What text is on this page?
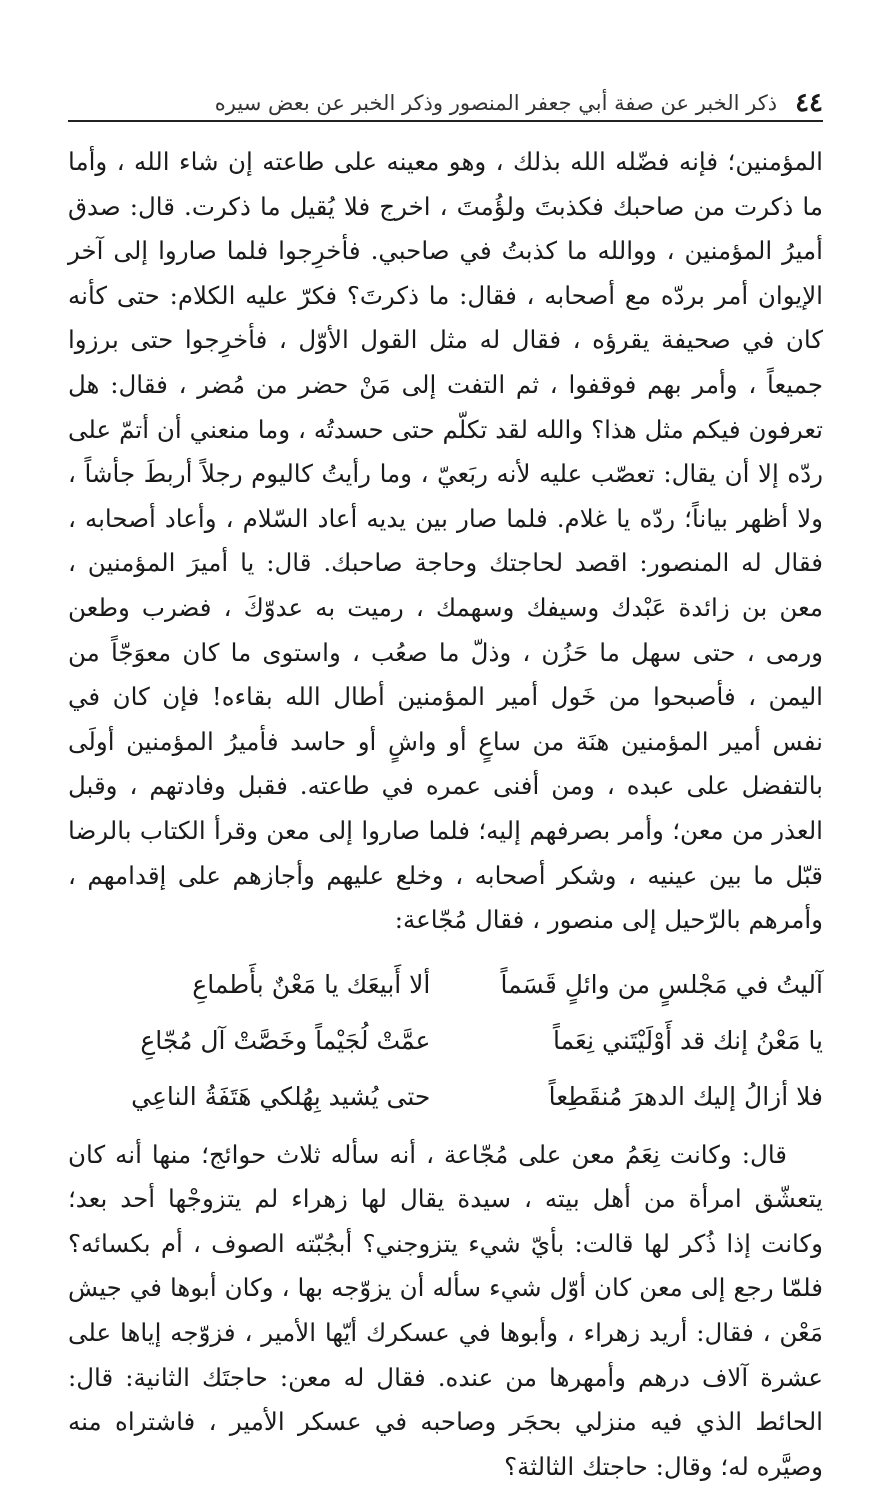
٤٤
ذكر الخبر عن صفة أبي جعفر المنصور وذكر الخبر عن بعض سيره

المؤمنين؛ فإنه فضّله الله بذلك ، وهو معينه على طاعته إن شاء الله ، وأما ما ذكرت من صاحبك فكذبتَ ولؤُمتَ ، اخرج فلا يُقيل ما ذكرت. قال: صدق أميرُ المؤمنين ، ووالله ما كذبتُ في صاحبي. فأخرِجوا فلما صاروا إلى آخر الإيوان أمر بردّه مع أصحابه ، فقال: ما ذكرتَ؟ فكرّ عليه الكلام: حتى كأنه كان في صحيفة يقرؤه ، فقال له مثل القول الأوّل ، فأخرِجوا حتى برزوا جميعاً ، وأمر بهم فوقفوا ، ثم التفت إلى مَنْ حضر من مُضر ، فقال: هل تعرفون فيكم مثل هذا؟ والله لقد تكلّم حتى حسدتُه ، وما منعني أن أتمّ على ردّه إلا أن يقال: تعصّب عليه لأنه ربَعيّ ، وما رأيتُ كاليوم رجلاً أربطَ جأشاً ، ولا أظهر بياناً؛ ردّه يا غلام. فلما صار بين يديه أعاد السّلام ، وأعاد أصحابه ، فقال له المنصور: اقصد لحاجتك وحاجة صاحبك. قال: يا أميرَ المؤمنين ، معن بن زائدة عَبْدك وسيفك وسهمك ، رميت به عدوّكَ ، فضرب وطعن ورمى ، حتى سهل ما حَزُن ، وذلّ ما صعُب ، واستوى ما كان معوَجّاً من اليمن ، فأصبحوا من خَول أمير المؤمنين أطال الله بقاءه! فإن كان في نفس أمير المؤمنين هنَة من ساعٍ أو واشٍ أو حاسد فأميرُ المؤمنين أولَى بالتفضل على عبده ، ومن أفنى عمره في طاعته. فقبل وفادتهم ، وقبل العذر من معن؛ وأمر بصرفهم إليه؛ فلما صاروا إلى معن وقرأ الكتاب بالرضا قبّل ما بين عينيه ، وشكر أصحابه ، وخلع عليهم وأجازهم على إقدامهم ، وأمرهم بالرّحيل إلى منصور ، فقال مُجّاعة:

آليتُ في مَجْلسٍ من وائلٍ قَسَماً
ألا أَبيعَك يا مَعْنٌ بأَطماعِ
يا مَعْنُ إنك قد أَوْلَيْتَني نِعَماً
عمَّتْ لُجَيْماً وخَصَّتْ آل مُجّاعِ
فلا أزالُ إليك الدهرَ مُنقَطِعاً
حتى يُشيد بِهُلكي هَتَفَةُ الناعِي

قال: وكانت نِعَمُ معن على مُجّاعة ، أنه سأله ثلاث حوائج؛ منها أنه كان يتعشّق امرأة من أهل بيته ، سيدة يقال لها زهراء لم يتزوجْها أحد بعد؛ وكانت إذا ذُكر لها قالت: بأيّ شيء يتزوجني؟ أبجُبّته الصوف ، أم بكسائه؟ فلمّا رجع إلى معن كان أوّل شيء سأله أن يزوّجه بها ، وكان أبوها في جيش مَعْن ، فقال: أريد زهراء ، وأبوها في عسكرك أيّها الأمير ، فزوّجه إياها على عشرة آلاف درهم وأمهرها من عنده. فقال له معن: حاجتَك الثانية: قال: الحائط الذي فيه منزلي بحجَر وصاحبه في عسكر الأمير ، فاشتراه منه وصيَّره له؛ وقال: حاجتك الثالثة؟
